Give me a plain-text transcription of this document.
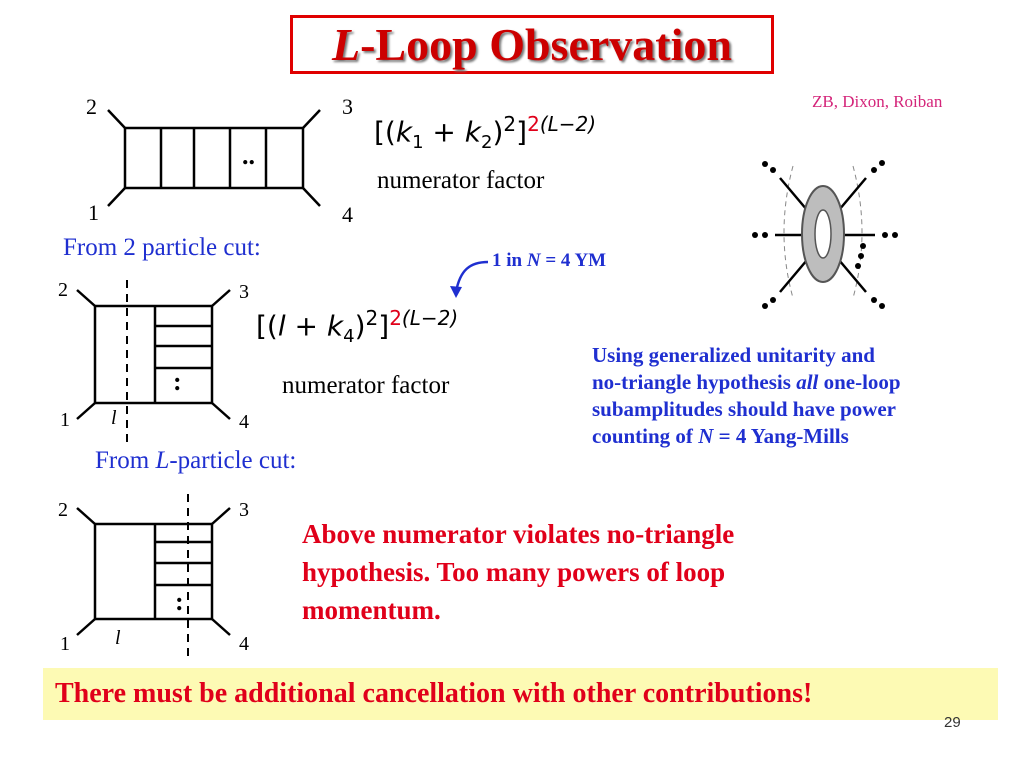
L -Loop Observation
ZB, Dixon, Roiban
..
2	3
1	4
$[(k_1 + k_2)^2]^{2(L-2)}$
numerator factor
From 2 particle cut:	1 in N = 4 YM
:
2	3
1	4
l
$[(l + k_4)^2]^{2(L-2)}$
numerator factor
From L-particle cut:
:
2	3
1	4
l
Using generalized unitarity and
no-triangle hypothesis all one-loop
subamplitudes should have power
counting of N = 4 Yang-Mills
Above numerator violates no-triangle
hypothesis. Too many powers of loop
momentum.
There must be additional cancellation with other contributions!
29
